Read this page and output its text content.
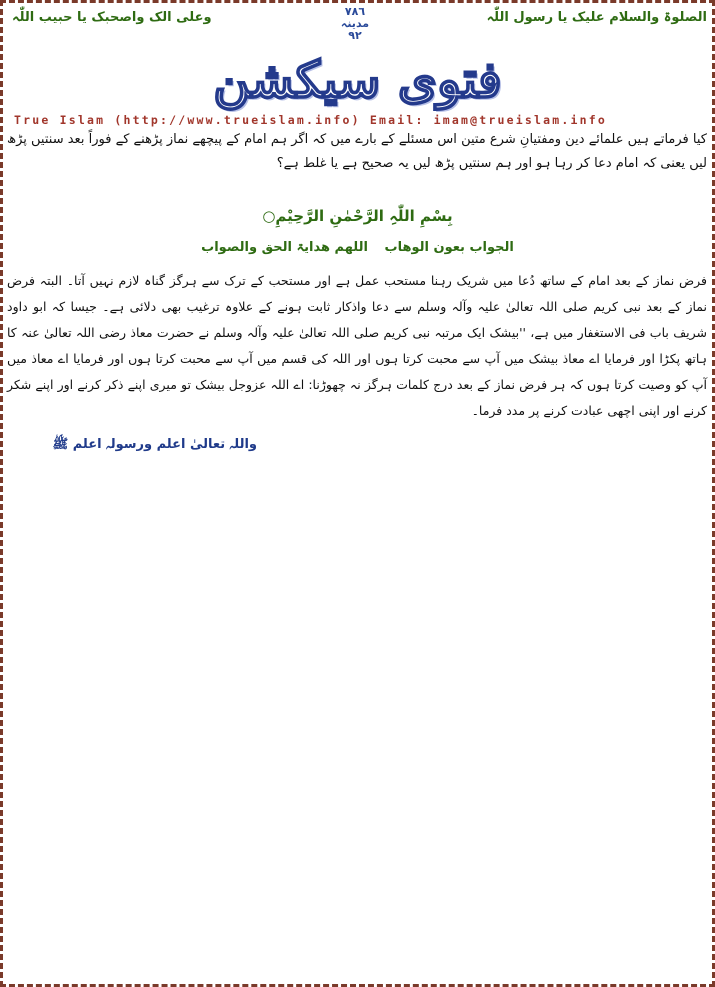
الصلوۃ والسلام علیک یا رسول اللّٰہ
٧٨٦
مدینہ
٩٢
وعلی الک واصحبک یا حبیب اللّٰہ
فتوی سیکشن
True Islam (http://www.trueislam.info) Email: imam@trueislam.info
کیا فرماتے ہیں علمائے دین ومفتیانِ شرع متین اس مسئلے کے بارے میں کہ اگر ہم امام کے پیچھے نماز پڑھنے کے فوراً بعد سنتیں پڑھ لیں یعنی کہ امام دعا کر رہا ہو اور ہم سنتیں پڑھ لیں یہ صحیح ہے یا غلط ہے؟
بِسْمِ اللّٰہِ الرَّحْمٰنِ الرَّحِیْمِ○
الجواب بعون الوھاب اللھم ھدایۃ الحق والصواب
فرض نماز کے بعد امام کے ساتھ دُعا میں شریک رہنا مستحب عمل ہے اور مستحب کے ترک سے ہرگز گناہ لازم نہیں آتا۔ البتہ فرض نماز کے بعد نبی کریم صلی اللہ تعالیٰ علیہ وآلہ وسلم سے دعا واذکار ثابت ہونے کے علاوہ ترغیب بھی دلائی ہے۔ جیسا کہ ابو داود شریف باب فی الاستغفار میں ہے، ''بیشک ایک مرتبہ نبی کریم صلی اللہ تعالیٰ علیہ وآلہ وسلم نے حضرت معاذ رضی اللہ تعالیٰ عنہ کا ہاتھ پکڑا اور فرمایا اے معاذ بیشک میں آپ سے محبت کرتا ہوں اور اللہ کی قسم میں آپ سے محبت کرتا ہوں اور فرمایا اے معاذ میں آپ کو وصیت کرتا ہوں کہ ہر فرض نماز کے بعد درج کلمات ہرگز نہ چھوڑنا: اے اللہ عزوجل بیشک تو میری اپنے ذکر کرنے اور اپنے شکر کرنے اور اپنی اچھی عبادت کرنے پر مدد فرما۔
واللہ تعالیٰ اعلم ورسولہ اعلم ﷺ
